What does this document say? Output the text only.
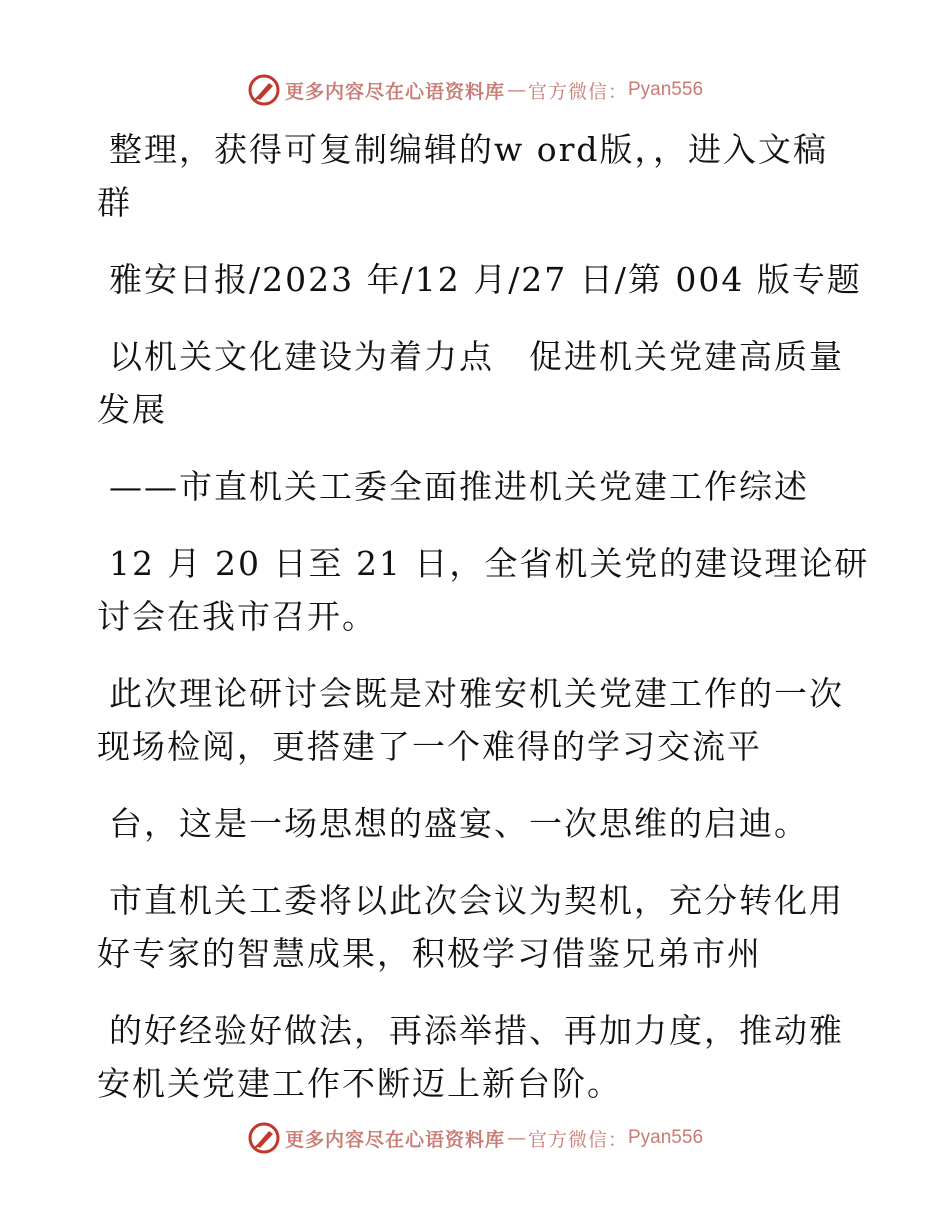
更多内容尽在心语资料库 — 官方微信： Pyan556

整理，获得可复制编辑的w ord版，，进入文稿
群

雅安日报/2023 年/12 月/27 日/第 004 版专题

以机关文化建设为着力点　促进机关党建高质量
发展

——市直机关工委全面推进机关党建工作综述

12 月 20 日至 21 日，全省机关党的建设理论研
讨会在我市召开。

此次理论研讨会既是对雅安机关党建工作的一次
现场检阅，更搭建了一个难得的学习交流平

台，这是一场思想的盛宴、一次思维的启迪。

市直机关工委将以此次会议为契机，充分转化用
好专家的智慧成果，积极学习借鉴兄弟市州

的好经验好做法，再添举措、再加力度，推动雅
安机关党建工作不断迈上新台阶。

更多内容尽在心语资料库 — 官方微信： Pyan556
